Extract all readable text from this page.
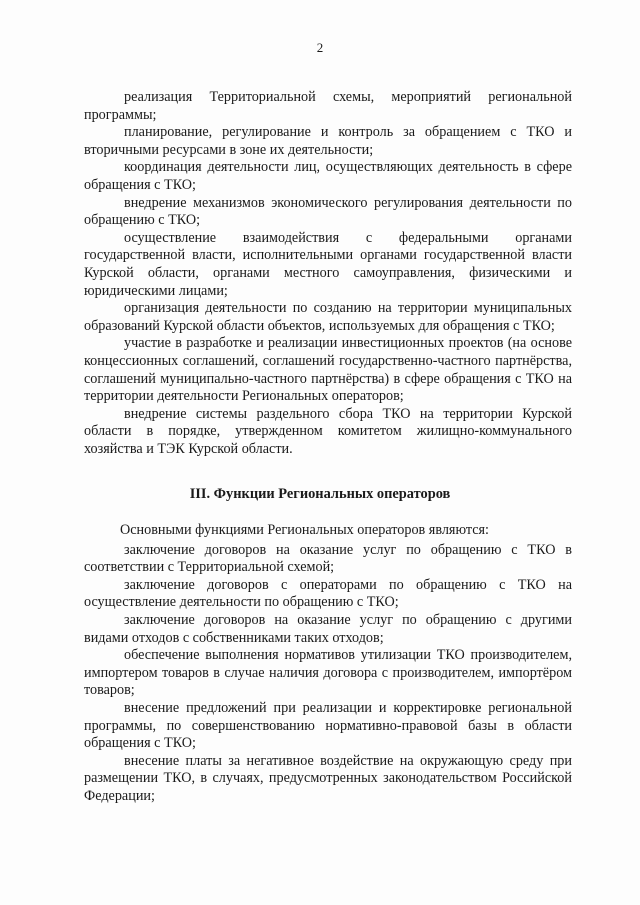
2

реализация Территориальной схемы, мероприятий региональной программы;

планирование, регулирование и контроль за обращением с ТКО и вторичными ресурсами в зоне их деятельности;

координация деятельности лиц, осуществляющих деятельность в сфере обращения с ТКО;

внедрение механизмов экономического регулирования деятельности по обращению с ТКО;

осуществление взаимодействия с федеральными органами государственной власти, исполнительными органами государственной власти Курской области, органами местного самоуправления, физическими и юридическими лицами;

организация деятельности по созданию на территории муниципальных образований Курской области объектов, используемых для обращения с ТКО;

участие в разработке и реализации инвестиционных проектов (на основе концессионных соглашений, соглашений государственно-частного партнёрства, соглашений муниципально-частного партнёрства) в сфере обращения с ТКО на территории деятельности Региональных операторов;

внедрение системы раздельного сбора ТКО на территории Курской области в порядке, утвержденном комитетом жилищно-коммунального хозяйства и ТЭК Курской области.

III. Функции Региональных операторов

Основными функциями Региональных операторов являются:

заключение договоров на оказание услуг по обращению с ТКО в соответствии с Территориальной схемой;

заключение договоров с операторами по обращению с ТКО на осуществление деятельности по обращению с ТКО;

заключение договоров на оказание услуг по обращению с другими видами отходов с собственниками таких отходов;

обеспечение выполнения нормативов утилизации ТКО производителем, импортером товаров в случае наличия договора с производителем, импортёром товаров;

внесение предложений при реализации и корректировке региональной программы, по совершенствованию нормативно-правовой базы в области обращения с ТКО;

внесение платы за негативное воздействие на окружающую среду при размещении ТКО, в случаях, предусмотренных законодательством Российской Федерации;
